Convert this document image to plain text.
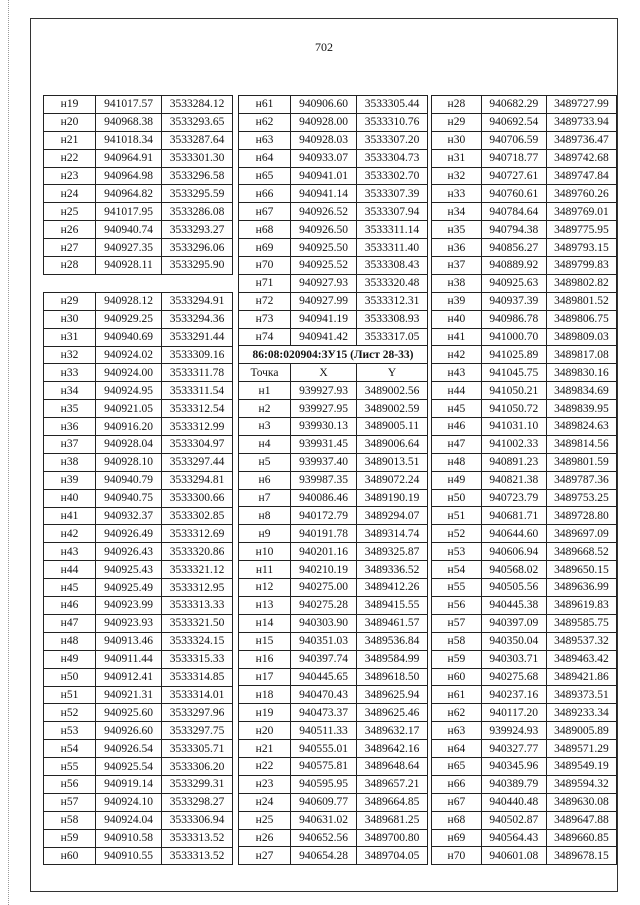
702
н19	941017.57	3533284.12
н20	940968.38	3533293.65
н21	941018.34	3533287.64
н22	940964.91	3533301.30
н23	940964.98	3533296.58
н24	940964.82	3533295.59
н25	941017.95	3533286.08
н26	940940.74	3533293.27
н27	940927.35	3533296.06
н28	940928.11	3533295.90

н29	940928.12	3533294.91
н30	940929.25	3533294.36
н31	940940.69	3533291.44
н32	940924.02	3533309.16
н33	940924.00	3533311.78
н34	940924.95	3533311.54
н35	940921.05	3533312.54
н36	940916.20	3533312.99
н37	940928.04	3533304.97
н38	940928.10	3533297.44
н39	940940.79	3533294.81
н40	940940.75	3533300.66
н41	940932.37	3533302.85
н42	940926.49	3533312.69
н43	940926.43	3533320.86
н44	940925.43	3533321.12
н45	940925.49	3533312.95
н46	940923.99	3533313.33
н47	940923.93	3533321.50
н48	940913.46	3533324.15
н49	940911.44	3533315.33
н50	940912.41	3533314.85
н51	940921.31	3533314.01
н52	940925.60	3533297.96
н53	940926.60	3533297.75
н54	940926.54	3533305.71
н55	940925.54	3533306.20
н56	940919.14	3533299.31
н57	940924.10	3533298.27
н58	940924.04	3533306.94
н59	940910.58	3533313.52
н60	940910.55	3533313.52
н61	940906.60	3533305.44
н62	940928.00	3533310.76
н63	940928.03	3533307.20
н64	940933.07	3533304.73
н65	940941.01	3533302.70
н66	940941.14	3533307.39
н67	940926.52	3533307.94
н68	940926.50	3533311.14
н69	940925.50	3533311.40
н70	940925.52	3533308.43
н71	940927.93	3533320.48
н72	940927.99	3533312.31
н73	940941.19	3533308.93
н74	940941.42	3533317.05
86:08:020904:ЗУ15 (Лист 28-33)		
Точка	X	Y
н1	939927.93	3489002.56
н2	939927.95	3489002.59
н3	939930.13	3489005.11
н4	939931.45	3489006.64
н5	939937.40	3489013.51
н6	939987.35	3489072.24
н7	940086.46	3489190.19
н8	940172.79	3489294.07
н9	940191.78	3489314.74
н10	940201.16	3489325.87
н11	940210.19	3489336.52
н12	940275.00	3489412.26
н13	940275.28	3489415.55
н14	940303.90	3489461.57
н15	940351.03	3489536.84
н16	940397.74	3489584.99
н17	940445.65	3489618.50
н18	940470.43	3489625.94
н19	940473.37	3489625.46
н20	940511.33	3489632.17
н21	940555.01	3489642.16
н22	940575.81	3489648.64
н23	940595.95	3489657.21
н24	940609.77	3489664.85
н25	940631.02	3489681.25
н26	940652.56	3489700.80
н27	940654.28	3489704.05
н28	940682.29	3489727.99
н29	940692.54	3489733.94
н30	940706.59	3489736.47
н31	940718.77	3489742.68
н32	940727.61	3489747.84
н33	940760.61	3489760.26
н34	940784.64	3489769.01
н35	940794.38	3489775.95
н36	940856.27	3489793.15
н37	940889.92	3489799.83
н38	940925.63	3489802.82
н39	940937.39	3489801.52
н40	940986.78	3489806.75
н41	941000.70	3489809.03
н42	941025.89	3489817.08
н43	941045.75	3489830.16
н44	941050.21	3489834.69
н45	941050.72	3489839.95
н46	941031.10	3489824.63
н47	941002.33	3489814.56
н48	940891.23	3489801.59
н49	940821.38	3489787.36
н50	940723.79	3489753.25
н51	940681.71	3489728.80
н52	940644.60	3489697.09
н53	940606.94	3489668.52
н54	940568.02	3489650.15
н55	940505.56	3489636.99
н56	940445.38	3489619.83
н57	940397.09	3489585.75
н58	940350.04	3489537.32
н59	940303.71	3489463.42
н60	940275.68	3489421.86
н61	940237.16	3489373.51
н62	940117.20	3489233.34
н63	939924.93	3489005.89
н64	940327.77	3489571.29
н65	940345.96	3489549.19
н66	940389.79	3489594.32
н67	940440.48	3489630.08
н68	940502.87	3489647.88
н69	940564.43	3489660.85
н70	940601.08	3489678.15
